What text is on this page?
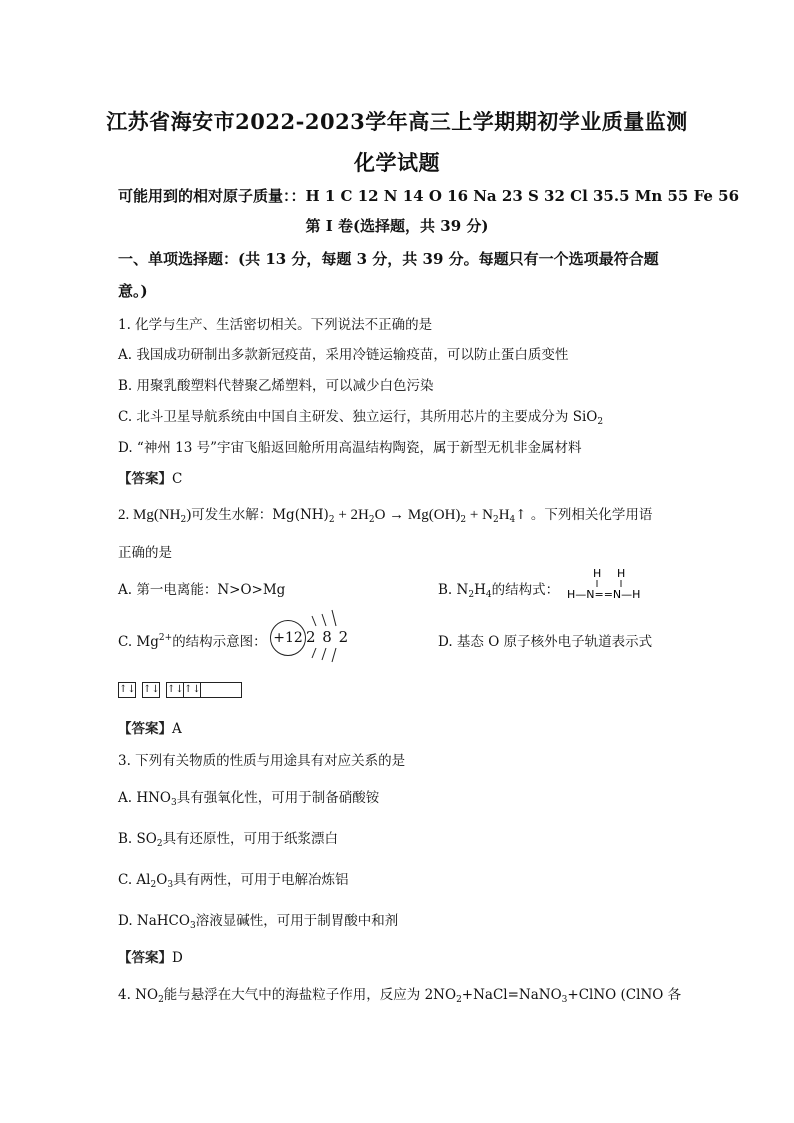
江苏省海安市2022-2023学年高三上学期期初学业质量监测
化学试题
可能用到的相对原子质量：：H 1 C 12 N 14 O 16 Na 23 S 32 Cl 35.5 Mn 55 Fe 56
第 I 卷(选择题，共 39 分)
一、单项选择题：(共 13 分，每题 3 分，共 39 分。每题只有一个选项最符合题
意。)
1. 化学与生产、生活密切相关。下列说法不正确的是
A. 我国成功研制出多款新冠疫苗，采用冷链运输疫苗，可以防止蛋白质变性
B. 用聚乳酸塑料代替聚乙烯塑料，可以减少白色污染
C. 北斗卫星导航系统由中国自主研发、独立运行，其所用芯片的主要成分为 SiO$_2$
D. “神州 13 号”宇宙飞船返回舱所用高温结构陶瓷，属于新型无机非金属材料
【答案】C
2. $Mg(NH_2)$可发生水解：$Mg(NH)_2 + 2H_2O \to Mg(OH)_2$ + $N_2H_4↑$ 。下列相关化学用语
正确的是
A. 第一电离能：N>O>Mg	B. $N_2H_4$的结构式：
H H
H—N==N—H
C. $Mg^{2+}$的结构示意图： +12 2 8 2	D. 基态 O 原子核外电子轨道表示式
↑↓ ↑↓ ↑↓ ↑↓
【答案】A
3. 下列有关物质的性质与用途具有对应关系的是
A. $HNO_3$具有强氧化性，可用于制备硝酸铵
B. $SO_2$具有还原性，可用于纸浆漂白
C. $Al_2O_3$具有两性，可用于电解冶炼铝
D. NaHCO$_3$溶液显碱性，可用于制胃酸中和剂
【答案】D
4. $NO_2$能与悬浮在大气中的海盐粒子作用，反应为 $2NO_2+NaCl=NaNO_3+ClNO$ (ClNO 各
